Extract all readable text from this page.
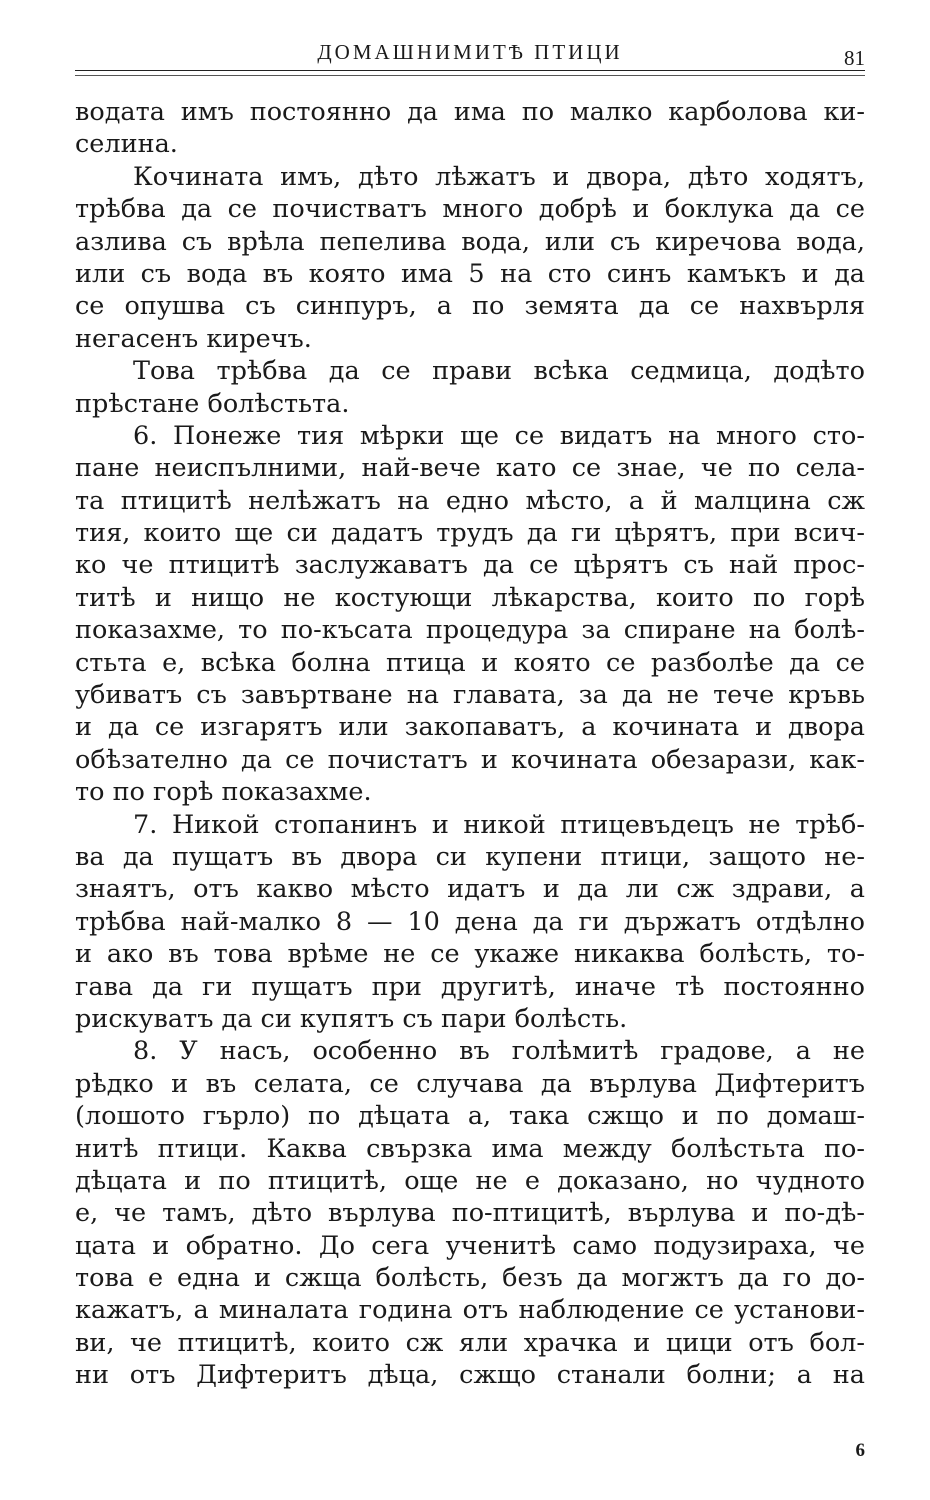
ДОМАШНИМИТѢ ПТИЦИ	81
водата имъ постоянно да има по малко карболова ки-
селина.
Кочината имъ, дѣто лѣжатъ и двора, дѣто ходятъ,
трѣбва да се почистватъ много добрѣ и боклука да се
азлива съ врѣла пепелива вода, или съ киречова вода,
или съ вода въ която има 5 на сто синъ камъкъ и да
се опушва съ синпуръ, а по земята да се нахвърля
негасенъ киречъ.
Това трѣбва да се прави всѣка седмица, додѣто
прѣстане болѣстьта.
6. Понеже тия мѣрки ще се видатъ на много сто-
пане неиспълними, най-вече като се знае, че по села-
та птицитѣ нелѣжатъ на едно мѣсто, а й малцина сж
тия, които ще си дадатъ трудъ да ги цѣрятъ, при всич-
ко че птицитѣ заслужаватъ да се цѣрятъ съ най прос-
титѣ и нищо не костующи лѣкарства, които по горѣ
показахме, то по-късата процедура за спиране на болѣ-
стьта е, всѣка болна птица и която се разболѣе да се
убиватъ съ завъртване на главата, за да не тече кръвь
и да се изгарятъ или закопаватъ, а кочината и двора
обѣзателно да се почистатъ и кочината обезарази, как-
то по горѣ показахме.
7. Никой стопанинъ и никой птицевъдецъ не трѣб-
ва да пущатъ въ двора си купени птици, защото не-
знаятъ, отъ какво мѣсто идатъ и да ли сж здрави, а
трѣбва най-малко 8 — 10 дена да ги държатъ отдѣлно
и ако въ това врѣме не се укаже никаква болѣсть, то-
гава да ги пущатъ при другитѣ, иначе тѣ постоянно
рискуватъ да си купятъ съ пари болѣсть.
8. У насъ, особенно въ голѣмитѣ градове, а не
рѣдко и въ селата, се случава да върлува Дифтеритъ
(лошото гърло) по дѣцата а, така сжщо и по домаш-
нитѣ птици. Каква свързка има между болѣстьта по-
дѣцата и по птицитѣ, още не е доказано, но чудното
е, че тамъ, дѣто върлува по-птицитѣ, върлува и по-дѣ-
цата и обратно. До сега ученитѣ само подузираха, че
това е една и сжща болѣсть, безъ да могжтъ да го до-
кажатъ, а миналата година отъ наблюдение се установи-
ви, че птицитѣ, които сж яли храчка и цици отъ бол-
ни отъ Дифтеритъ дѣца, сжщо станали болни; а на
6
